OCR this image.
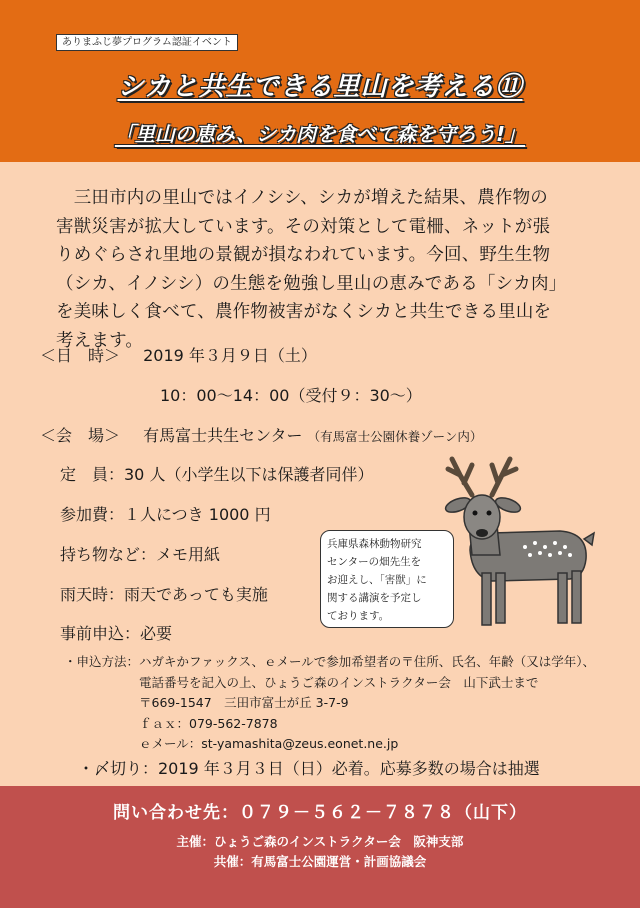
ありまふじ夢プログラム認証イベント
シカと共生できる里山を考える⑪
「里山の恵み、シカ肉を食べて森を守ろう!」

　三田市内の里山ではイノシシ、シカが増えた結果、農作物の

害獣災害が拡大しています。その対策として電柵、ネットが張

りめぐらされ里地の景観が損なわれています。今回、野生生物

（シカ、イノシシ）の生態を勉強し里山の恵みである「シカ肉」

を美味しく食べて、農作物被害がなくシカと共生できる里山を

考えます。

＜日　時＞ 2019 年３月９日（土）
10：00～14：00（受付９：30～）
＜会　場＞ 有馬富士共生センター （有馬富士公園休養ゾーン内）
定　員：30 人（小学生以下は保護者同伴）
参加費：１人につき 1000 円
持ち物など：メモ用紙
雨天時：雨天であっても実施
事前申込：必要

兵庫県森林動物研究

センターの畑先生を

お迎えし、「害獣」に

関する講演を予定し

ております。

・申込方法：ハガキかファックス、ｅメールで参加希望者の〒住所、氏名、年齢（又は学年）、

　　　　　　電話番号を記入の上、ひょうご森のインストラクター会　山下武士まで

　　　　　　〒669-1547　三田市富士が丘 3-7-9

　　　　　　ｆａｘ：079-562-7878

　　　　　　ｅメール：st-yamashita@zeus.eonet.ne.jp

・〆切り：2019 年３月３日（日）必着。応募多数の場合は抽選
問い合わせ先：０７９－５６２－７８７８（山下）
主催：ひょうご森のインストラクター会　阪神支部
共催：有馬富士公園運営・計画協議会
